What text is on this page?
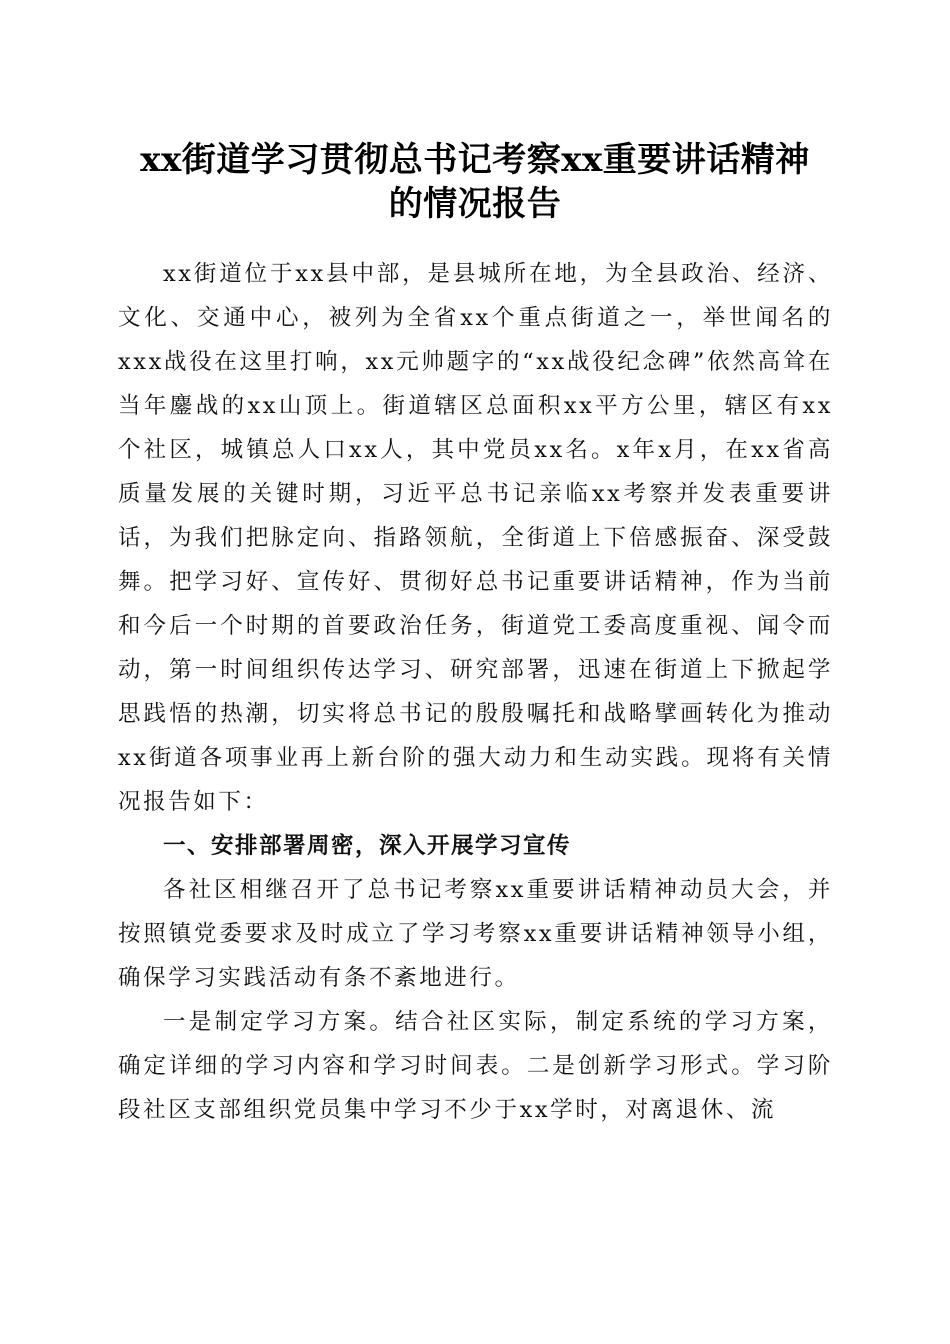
xx街道学习贯彻总书记考察xx重要讲话精神
的情况报告

xx街道位于xx县中部，是县城所在地，为全县政治、经济、文化、交通中心，被列为全省xx个重点街道之一，举世闻名的xxx战役在这里打响，xx元帅题字的“xx战役纪念碑”依然高耸在当年鏖战的xx山顶上。街道辖区总面积xx平方公里，辖区有xx个社区，城镇总人口xx人，其中党员xx名。x年x月，在xx省高质量发展的关键时期，习近平总书记亲临xx考察并发表重要讲话，为我们把脉定向、指路领航，全街道上下倍感振奋、深受鼓舞。把学习好、宣传好、贯彻好总书记重要讲话精神，作为当前和今后一个时期的首要政治任务，街道党工委高度重视、闻令而动，第一时间组织传达学习、研究部署，迅速在街道上下掀起学思践悟的热潮，切实将总书记的殷殷嘱托和战略擘画转化为推动xx街道各项事业再上新台阶的强大动力和生动实践。现将有关情况报告如下：

一、安排部署周密，深入开展学习宣传

各社区相继召开了总书记考察xx重要讲话精神动员大会，并按照镇党委要求及时成立了学习考察xx重要讲话精神领导小组，确保学习实践活动有条不紊地进行。

一是制定学习方案。结合社区实际，制定系统的学习方案，确定详细的学习内容和学习时间表。二是创新学习形式。学习阶段社区支部组织党员集中学习不少于xx学时，对离退休、流
